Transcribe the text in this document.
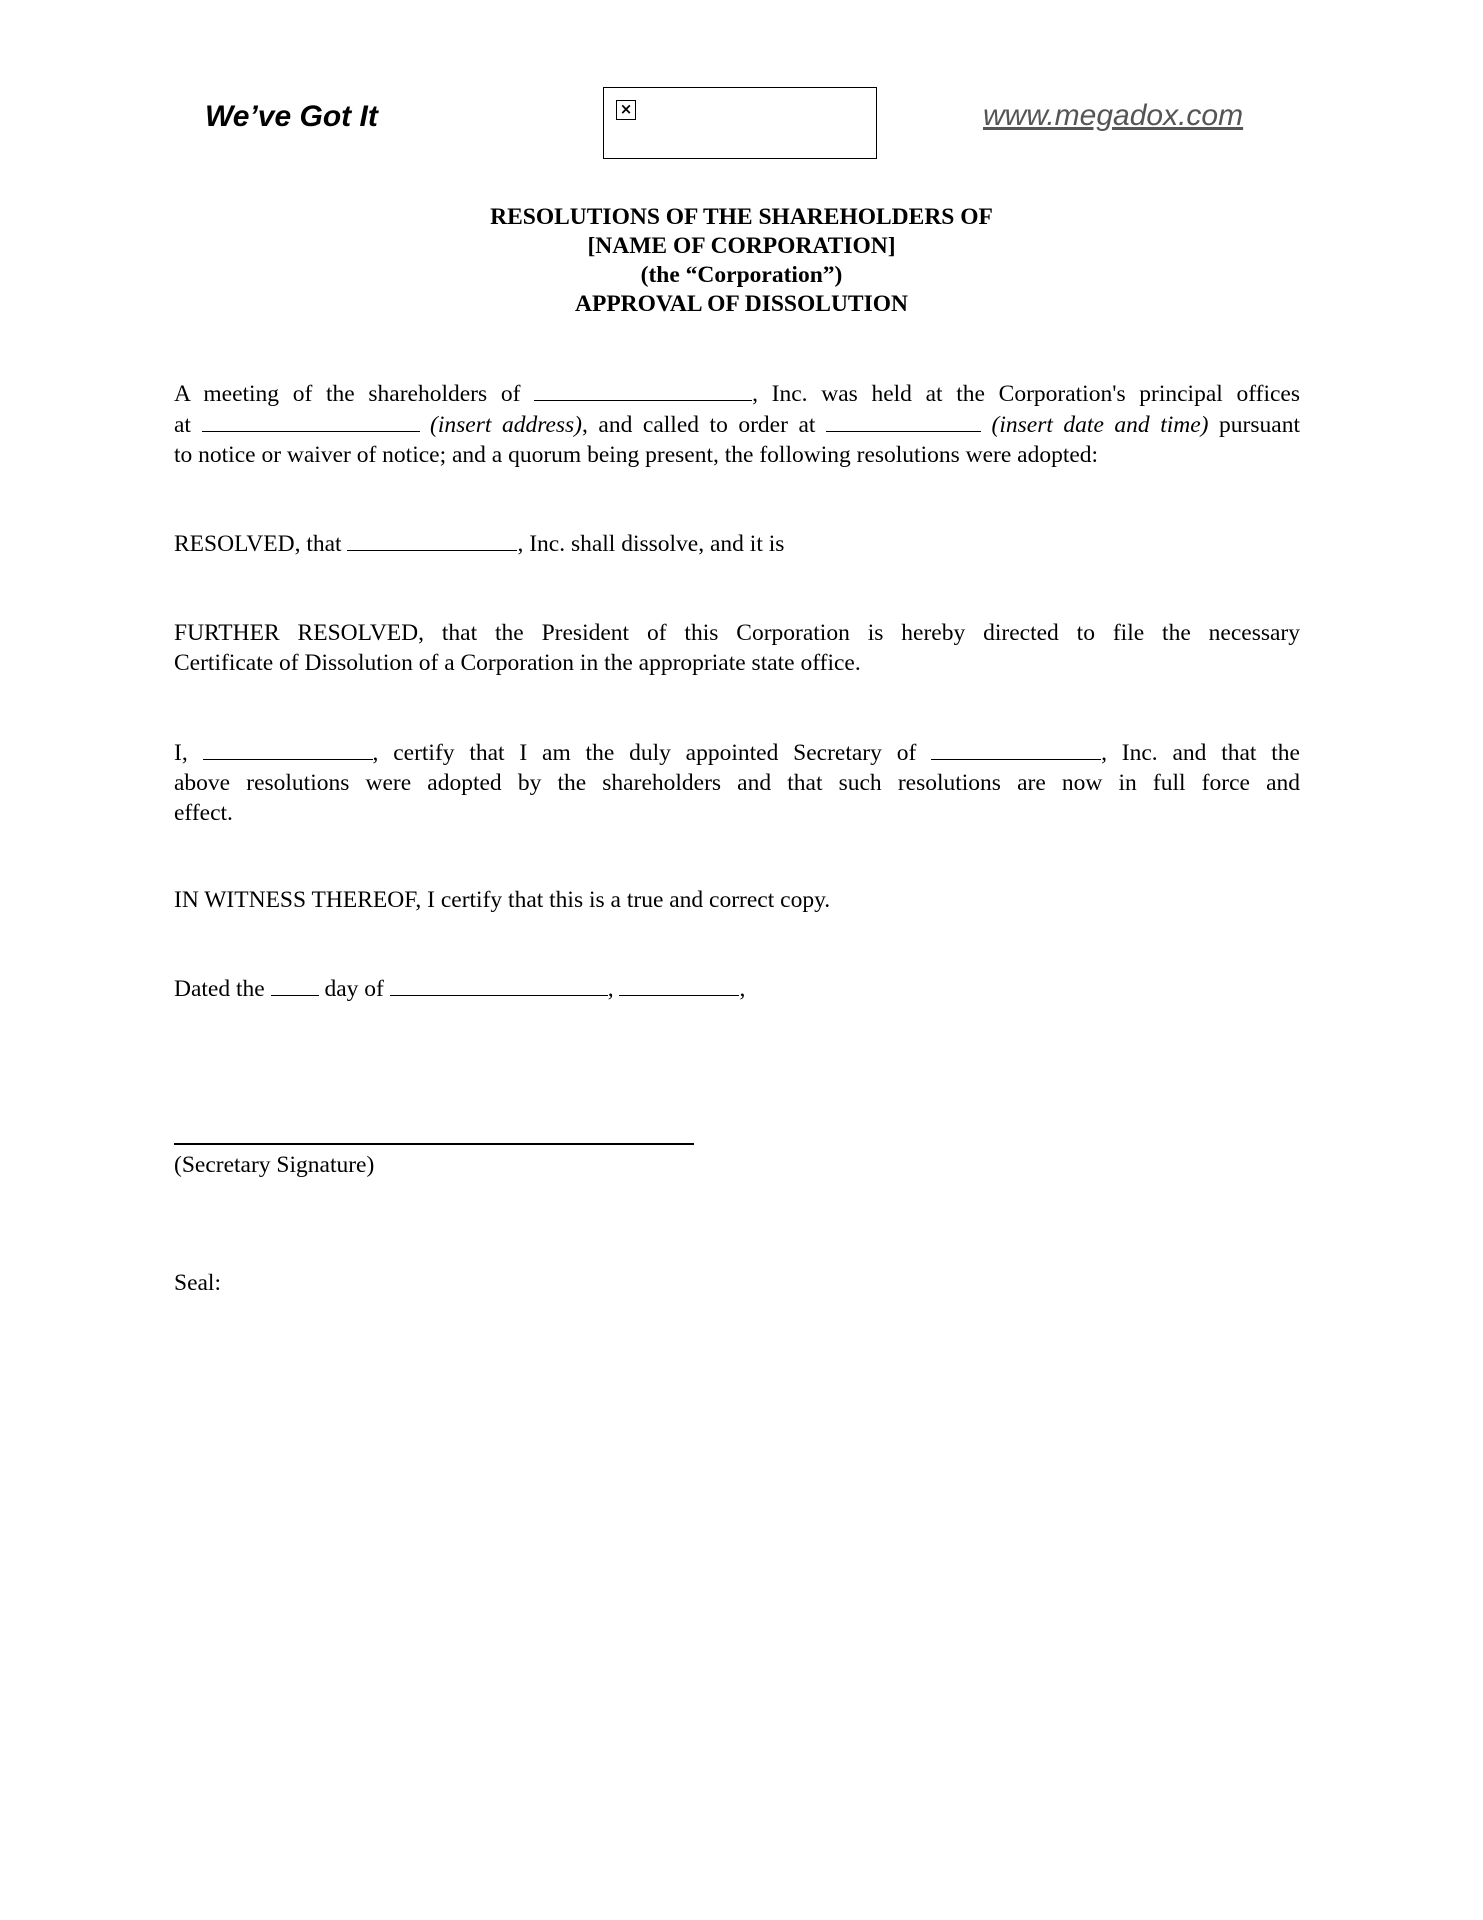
We’ve Got It	×	www.megadox.com
RESOLUTIONS OF THE SHAREHOLDERS OF
[NAME OF CORPORATION]
(the “Corporation”)
APPROVAL OF DISSOLUTION
A meeting of the shareholders of	, Inc. was held at the Corporation's principal offices
at	(insert address), and called to order at	(insert date and time) pursuant
to notice or waiver of notice; and a quorum being present, the following resolutions were adopted:
RESOLVED, that	, Inc. shall dissolve, and it is
FURTHER RESOLVED, that the President of this Corporation is hereby directed to file the necessary
Certificate of Dissolution of a Corporation in the appropriate state office.
I,	, certify that I am the duly appointed Secretary of	, Inc. and that the
above resolutions were adopted by the shareholders and that such resolutions are now in full force and
effect.
IN WITNESS THEREOF, I certify that this is a true and correct copy.
Dated the  day of	,	,
(Secretary Signature)
Seal:
